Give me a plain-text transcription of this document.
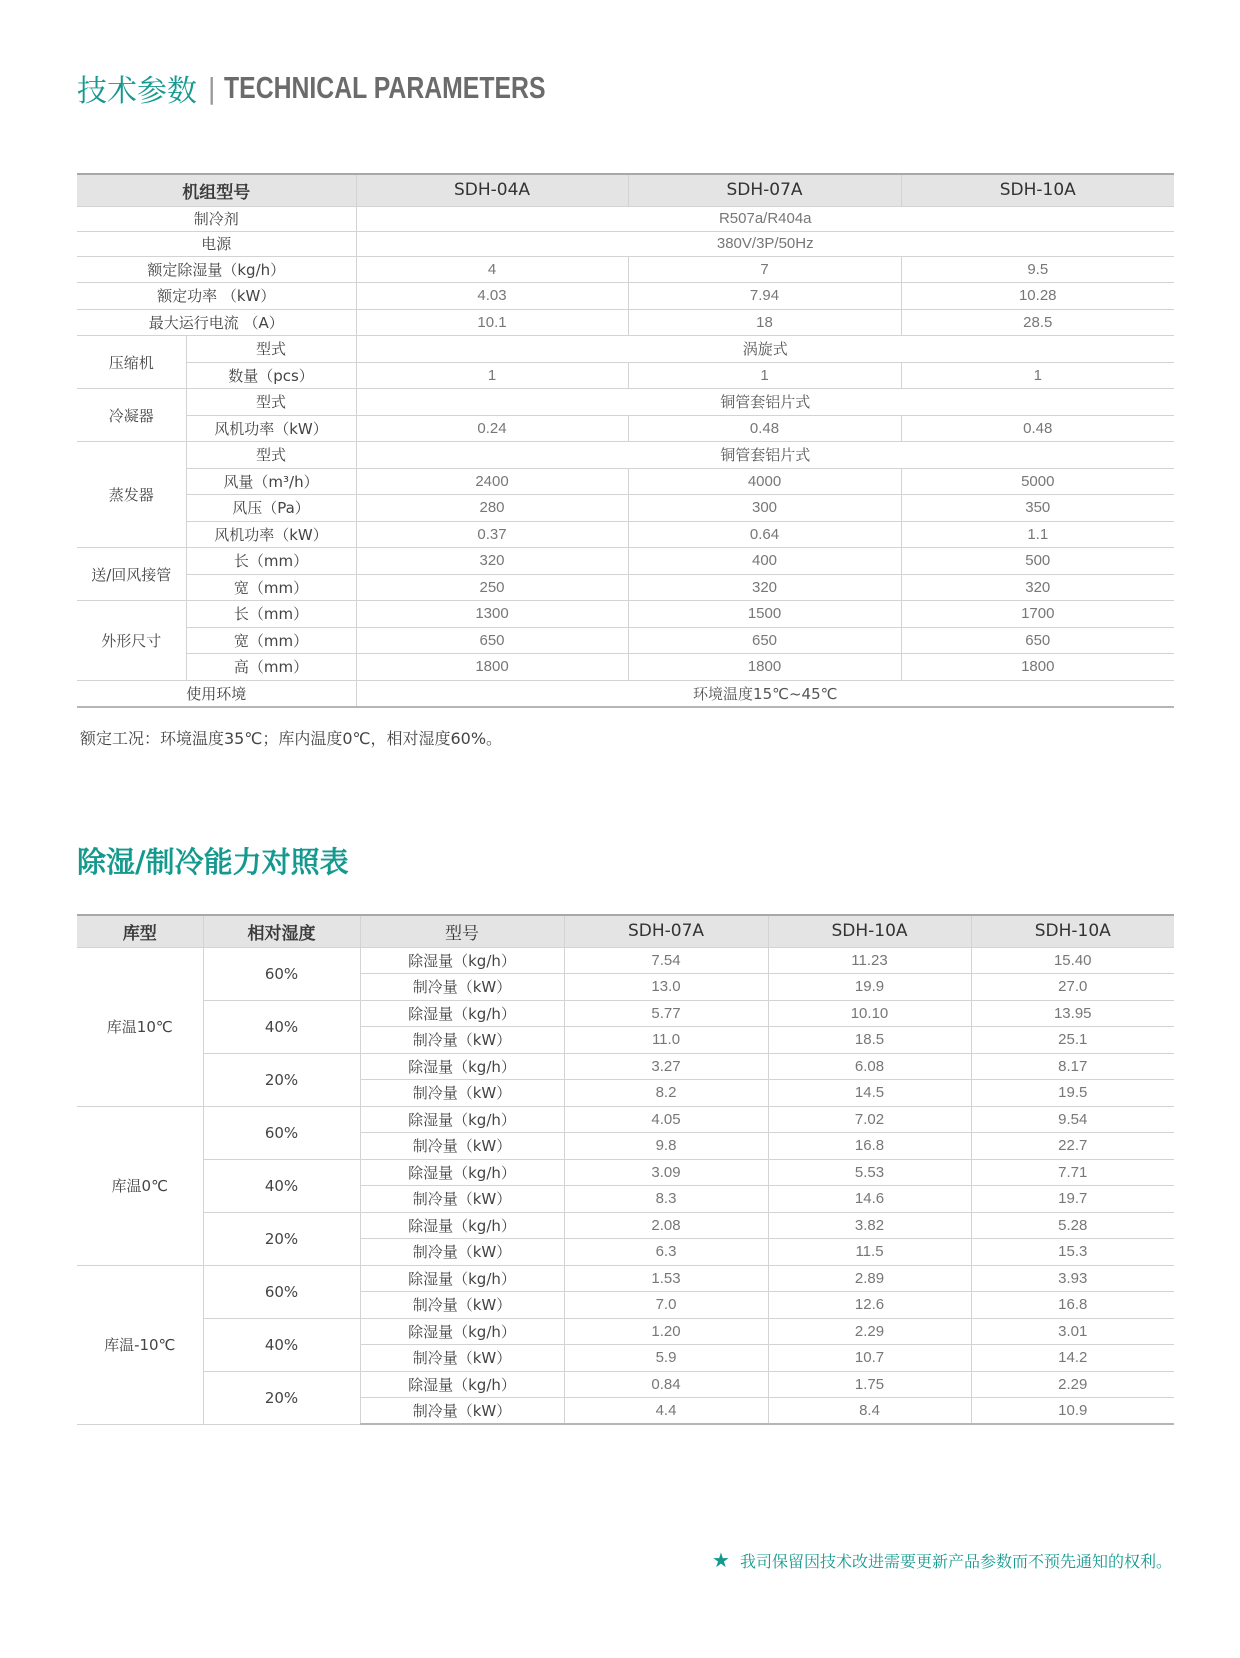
技术参数 | TECHNICAL PARAMETERS
机组型号		SDH-04A	SDH-07A	SDH-10A
制冷剂		R507a/R404a		
电源		380V/3P/50Hz		
额定除湿量（kg/h）		4	7	9.5
额定功率 （kW）		4.03	7.94	10.28
最大运行电流 （A）		10.1	18	28.5
压缩机	型式	涡旋式		
	数量（pcs）	1	1	1
冷凝器	型式	铜管套铝片式		
	风机功率（kW）	0.24	0.48	0.48
蒸发器	型式	铜管套铝片式		
	风量（m³/h）	2400	4000	5000
	风压（Pa）	280	300	350
	风机功率（kW）	0.37	0.64	1.1
送/回风接管	长（mm）	320	400	500
	宽（mm）	250	320	320
外形尺寸	长（mm）	1300	1500	1700
	宽（mm）	650	650	650
	高（mm）	1800	1800	1800
使用环境		环境温度15℃~45℃		
额定工况：环境温度35℃；库内温度0℃，相对湿度60%。
除湿/制冷能力对照表
库型	相对湿度	型号	SDH-07A	SDH-10A	SDH-10A
库温10℃	60%	除湿量（kg/h）	7.54	11.23	15.40
		制冷量（kW）	13.0	19.9	27.0
	40%	除湿量（kg/h）	5.77	10.10	13.95
		制冷量（kW）	11.0	18.5	25.1
	20%	除湿量（kg/h）	3.27	6.08	8.17
		制冷量（kW）	8.2	14.5	19.5
库温0℃	60%	除湿量（kg/h）	4.05	7.02	9.54
		制冷量（kW）	9.8	16.8	22.7
	40%	除湿量（kg/h）	3.09	5.53	7.71
		制冷量（kW）	8.3	14.6	19.7
	20%	除湿量（kg/h）	2.08	3.82	5.28
		制冷量（kW）	6.3	11.5	15.3
库温-10℃	60%	除湿量（kg/h）	1.53	2.89	3.93
		制冷量（kW）	7.0	12.6	16.8
	40%	除湿量（kg/h）	1.20	2.29	3.01
		制冷量（kW）	5.9	10.7	14.2
	20%	除湿量（kg/h）	0.84	1.75	2.29
		制冷量（kW）	4.4	8.4	10.9
★ 我司保留因技术改进需要更新产品参数而不预先通知的权利。
